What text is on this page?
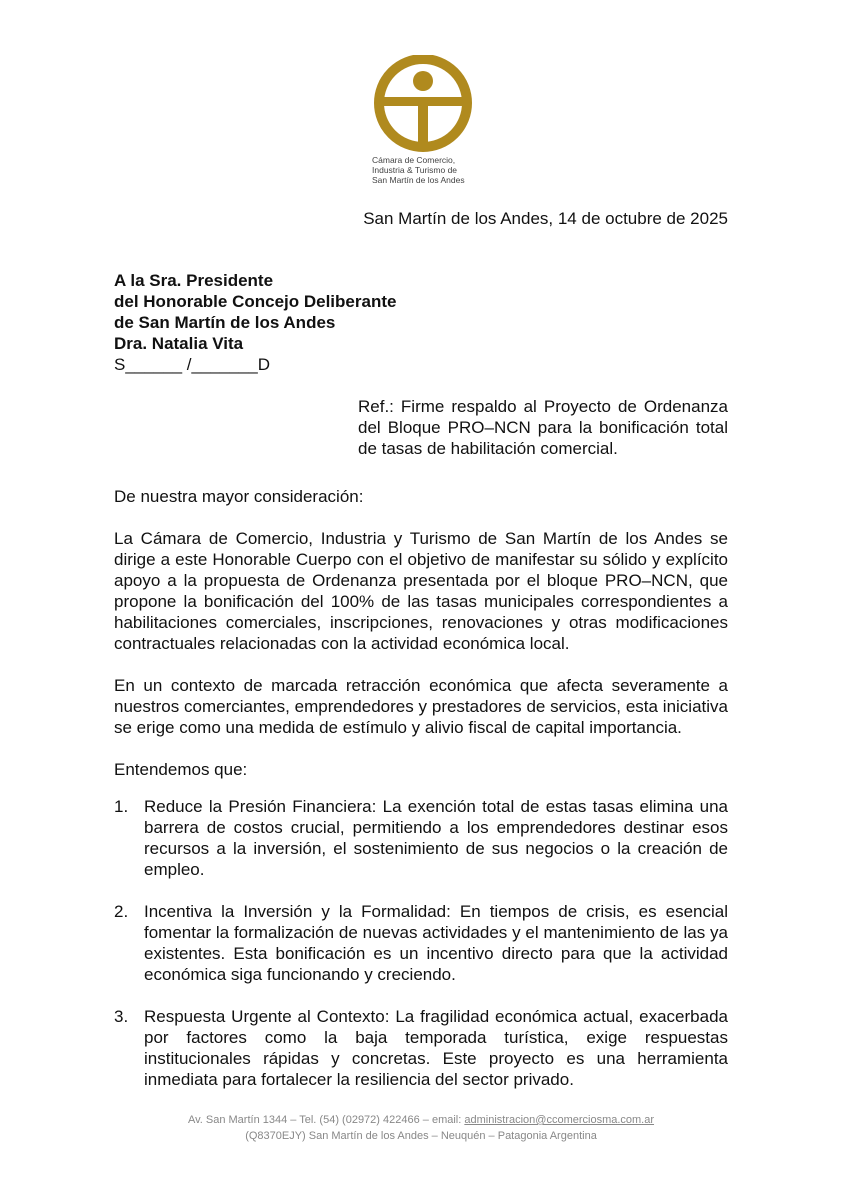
Cámara de Comercio,
Industria & Turismo de
San Martín de los Andes
San Martín de los Andes, 14 de octubre de 2025
A la Sra. Presidente
del Honorable Concejo Deliberante
de San Martín de los Andes
Dra. Natalia Vita
S______ /_______D
Ref.: Firme respaldo al Proyecto de Ordenanza del Bloque PRO–NCN para la bonificación total de tasas de habilitación comercial.
De nuestra mayor consideración:
La Cámara de Comercio, Industria y Turismo de San Martín de los Andes se dirige a este Honorable Cuerpo con el objetivo de manifestar su sólido y explícito apoyo a la propuesta de Ordenanza presentada por el bloque PRO–NCN, que propone la bonificación del 100% de las tasas municipales correspondientes a habilitaciones comerciales, inscripciones, renovaciones y otras modificaciones contractuales relacionadas con la actividad económica local.
En un contexto de marcada retracción económica que afecta severamente a nuestros comerciantes, emprendedores y prestadores de servicios, esta iniciativa se erige como una medida de estímulo y alivio fiscal de capital importancia.
Entendemos que:
1. Reduce la Presión Financiera: La exención total de estas tasas elimina una barrera de costos crucial, permitiendo a los emprendedores destinar esos recursos a la inversión, el sostenimiento de sus negocios o la creación de empleo.
2. Incentiva la Inversión y la Formalidad: En tiempos de crisis, es esencial fomentar la formalización de nuevas actividades y el mantenimiento de las ya existentes. Esta bonificación es un incentivo directo para que la actividad económica siga funcionando y creciendo.
3. Respuesta Urgente al Contexto: La fragilidad económica actual, exacerbada por factores como la baja temporada turística, exige respuestas institucionales rápidas y concretas. Este proyecto es una herramienta inmediata para fortalecer la resiliencia del sector privado.
Av. San Martín 1344 – Tel. (54) (02972) 422466 – email: administracion@ccomerciosma.com.ar
(Q8370EJY) San Martín de los Andes – Neuquén – Patagonia Argentina
